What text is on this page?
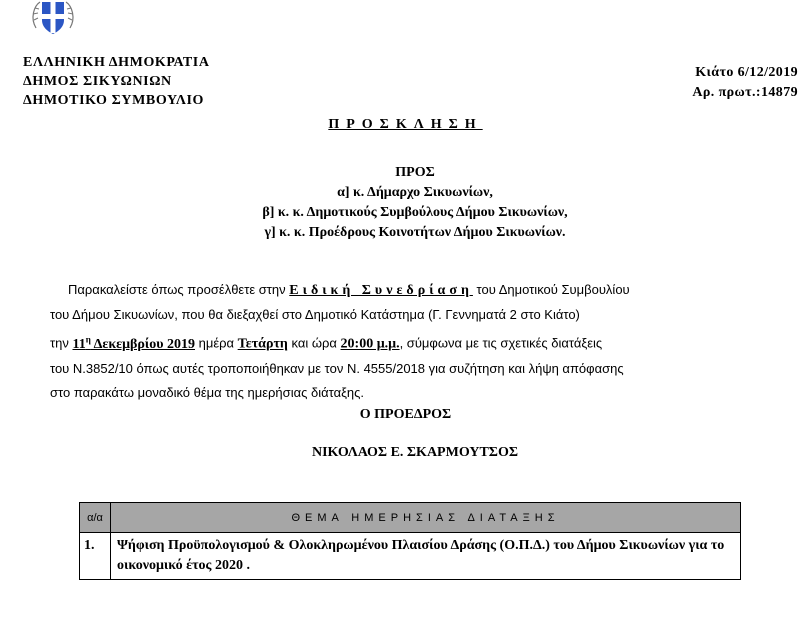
ΕΛΛΗΝΙΚΗ ΔΗΜΟΚΡΑΤΙΑ
ΔΗΜΟΣ ΣΙΚΥΩΝΙΩΝ
ΔΗΜΟΤΙΚΟ ΣΥΜΒΟΥΛΙΟ
Κιάτο 6/12/2019
Αρ. πρωτ.:14879
ΠΡΟΣΚΛΗΣΗ
ΠΡΟΣ
α] κ. Δήμαρχο Σικυωνίων,
β] κ. κ. Δημοτικούς Συμβούλους Δήμου Σικυωνίων,
γ] κ. κ. Προέδρους Κοινοτήτων Δήμου Σικυωνίων.
Παρακαλείστε όπως προσέλθετε στην Ειδική Συνεδρίαση του Δημοτικού Συμβουλίου
του Δήμου Σικυωνίων, που θα διεξαχθεί στο Δημοτικό Κατάστημα (Γ. Γεννηματά 2 στο Κιάτο)
την $11^\eta$ Δεκεμβρίου 2019 ημέρα Τετάρτη και ώρα 20:00 μ.μ., σύμφωνα με τις σχετικές διατάξεις
του Ν.3852/10 όπως αυτές τροποποιήθηκαν με τον Ν. 4555/2018 για συζήτηση και λήψη απόφασης
στο παρακάτω μοναδικό θέμα της ημερήσιας διάταξης.
Ο ΠΡΟΕΔΡΟΣ
ΝΙΚΟΛΑΟΣ Ε. ΣΚΑΡΜΟΥΤΣΟΣ
α/α	ΘΕΜΑ ΗΜΕΡΗΣΙΑΣ ΔΙΑΤΑΞΗΣ
1.	Ψήφιση Προϋπολογισμού & Ολοκληρωμένου Πλαισίου Δράσης (Ο.Π.Δ.) του Δήμου Σικυωνίων για το οικονομικό έτος 2020 .
